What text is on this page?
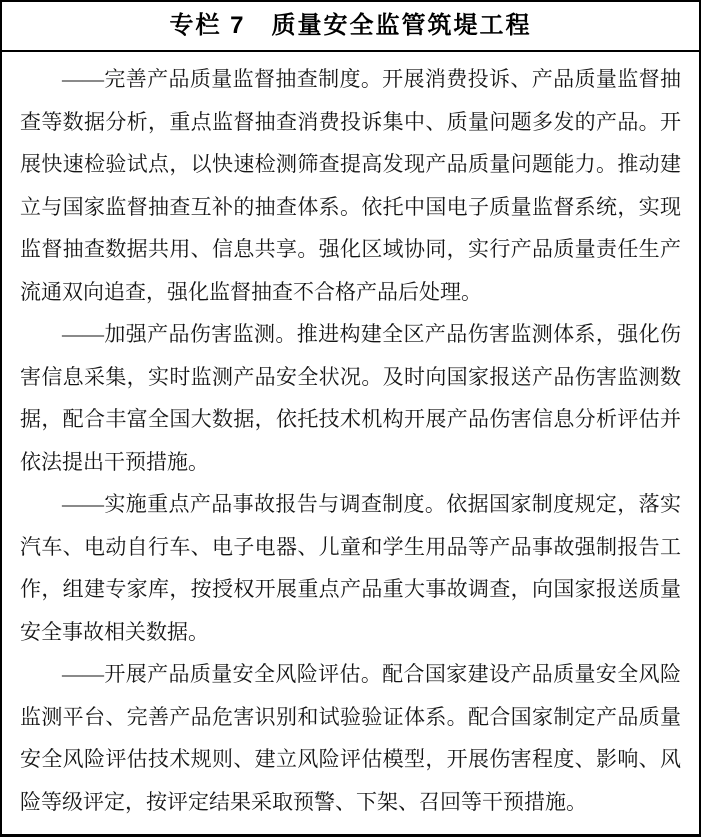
专栏 7　质量安全监管筑堤工程

——完善产品质量监督抽查制度。开展消费投诉、产品质量监督抽查等数据分析，重点监督抽查消费投诉集中、质量问题多发的产品。开展快速检验试点，以快速检测筛查提高发现产品质量问题能力。推动建立与国家监督抽查互补的抽查体系。依托中国电子质量监督系统，实现监督抽查数据共用、信息共享。强化区域协同，实行产品质量责任生产流通双向追查，强化监督抽查不合格产品后处理。

——加强产品伤害监测。推进构建全区产品伤害监测体系，强化伤害信息采集，实时监测产品安全状况。及时向国家报送产品伤害监测数据，配合丰富全国大数据，依托技术机构开展产品伤害信息分析评估并依法提出干预措施。

——实施重点产品事故报告与调查制度。依据国家制度规定，落实汽车、电动自行车、电子电器、儿童和学生用品等产品事故强制报告工作，组建专家库，按授权开展重点产品重大事故调查，向国家报送质量安全事故相关数据。

——开展产品质量安全风险评估。配合国家建设产品质量安全风险监测平台、完善产品危害识别和试验验证体系。配合国家制定产品质量安全风险评估技术规则、建立风险评估模型，开展伤害程度、影响、风险等级评定，按评定结果采取预警、下架、召回等干预措施。
